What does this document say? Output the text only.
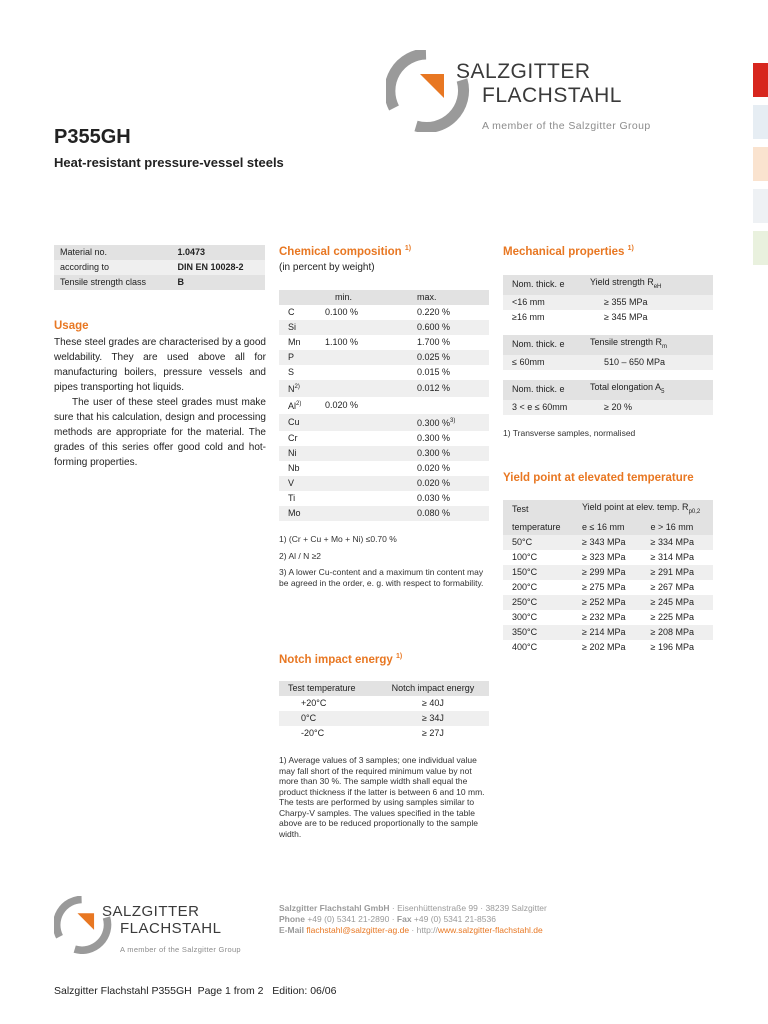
SALZGITTER
FLACHSTAHL
A member of the Salzgitter Group
P355GH
Heat-resistant pressure-vessel steels
Material no.	1.0473
according to	DIN EN 10028-2
Tensile strength class	B
Usage
These steel grades are characterised by a good weldability. They are used above all for manufacturing boilers, pressure vessels and pipes transporting hot liquids.
The user of these steel grades must make sure that his calculation, design and processing methods are appropriate for the material. The grades of this series offer good cold and hot-forming properties.
Chemical composition $^{1)}$
(in percent by weight)
	min.	max.
C	0.100 %	0.220 %
Si		0.600 %
Mn	1.100 %	1.700 %
P		0.025 %
S		0.015 %
$N^{2)}$		0.012 %
Al$^{2)}$	0.020 %	
Cu		0.300 %$^{3)}$
Cr		0.300 %
Ni		0.300 %
Nb		0.020 %
V		0.020 %
Ti		0.030 %
Mo		0.080 %
1) (Cr + Cu + Mo + Ni) ≤0.70 %
2) Al / N ≥2
3) A lower Cu-content and a maximum tin content may be agreed in the order, e. g. with respect to formability.
Notch impact energy $^{1)}$
Test temperature	Notch impact energy
+20°C	≥ 40J
0°C	≥ 34J
-20°C	≥ 27J
1) Average values of 3 samples; one individual value may fall short of the required minimum value by not more than 30 %. The sample width shall equal the product thickness if the latter is between 6 and 10 mm. The tests are performed by using samples similar to Charpy-V samples. The values specified in the table above are to be reduced proportionally to the sample width.
Mechanical properties $^{1)}$
Nom. thick. e	Yield strength $R_{eH}$
<16 mm	≥ 355 MPa
≥16 mm	≥ 345 MPa
Nom. thick. e	Tensile strength $R_m$
≤ 60mm	510 – 650 MPa
Nom. thick. e	Total elongation $A_5$
3 < e ≤ 60mm	≥ 20 %
1) Transverse samples, normalised
Yield point at elevated temperature
Test	Yield point at elev. temp. $R_{p0,2}$
temperature	e ≤ 16 mm	e > 16 mm
50°C	≥ 343 MPa	≥ 334 MPa
100°C	≥ 323 MPa	≥ 314 MPa
150°C	≥ 299 MPa	≥ 291 MPa
200°C	≥ 275 MPa	≥ 267 MPa
250°C	≥ 252 MPa	≥ 245 MPa
300°C	≥ 232 MPa	≥ 225 MPa
350°C	≥ 214 MPa	≥ 208 MPa
400°C	≥ 202 MPa	≥ 196 MPa
SALZGITTER
FLACHSTAHL
A member of the Salzgitter Group
Salzgitter Flachstahl GmbH · Eisenhüttenstraße 99 · 38239 Salzgitter
Phone +49 (0) 5341 21-2890 · Fax +49 (0) 5341 21-8536
E-Mail flachstahl@salzgitter-ag.de · http://www.salzgitter-flachstahl.de
Salzgitter Flachstahl P355GH  Page 1 from 2   Edition: 06/06
